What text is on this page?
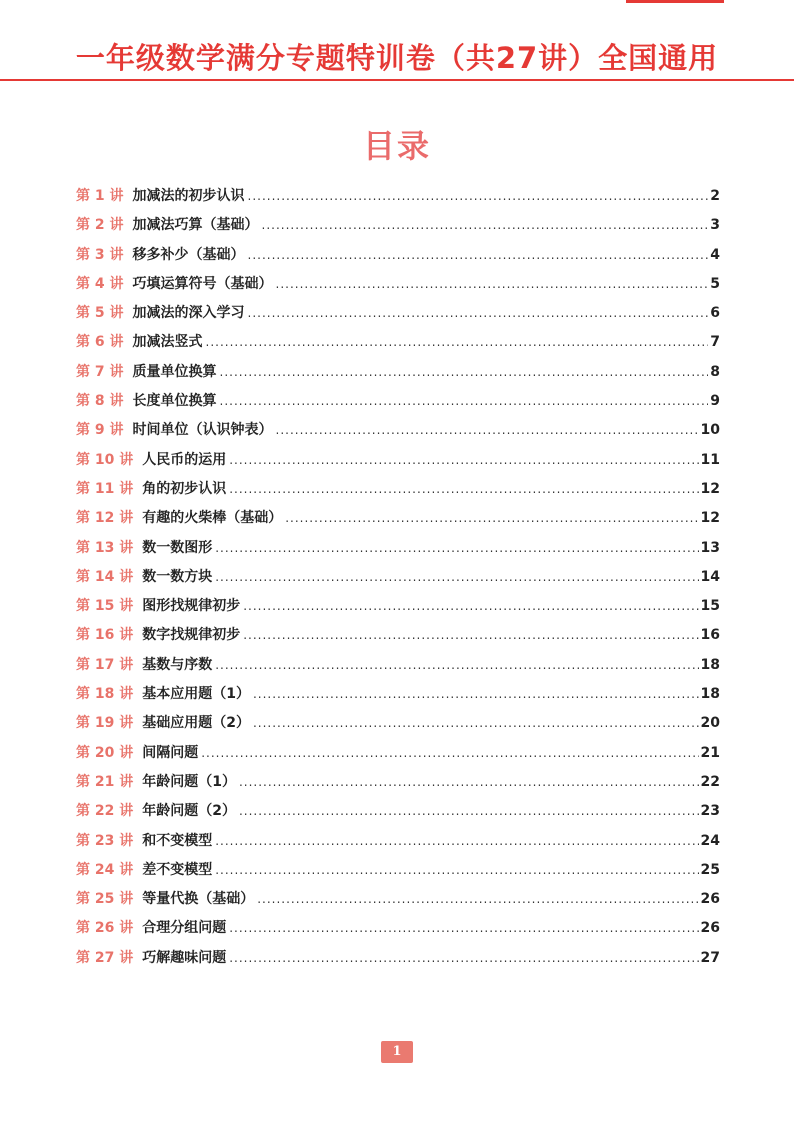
一年级数学满分专题特训卷（共27讲）全国通用
目录
第 1 讲 加减法的初步认识 .....	2
第 2 讲 加减法巧算（基础） .....	3
第 3 讲 移多补少（基础） .....	4
第 4 讲 巧填运算符号（基础） .....	5
第 5 讲 加减法的深入学习 .....	6
第 6 讲 加减法竖式 .....	7
第 7 讲 质量单位换算 .....	8
第 8 讲 长度单位换算 .....	9
第 9 讲 时间单位（认识钟表） .....	10
第 10 讲 人民币的运用 .....	11
第 11 讲 角的初步认识 .....	12
第 12 讲 有趣的火柴棒（基础） .....	12
第 13 讲 数一数图形 .....	13
第 14 讲 数一数方块 .....	14
第 15 讲 图形找规律初步 .....	15
第 16 讲 数字找规律初步 .....	16
第 17 讲 基数与序数 .....	18
第 18 讲 基本应用题（1） .....	18
第 19 讲 基础应用题（2） .....	20
第 20 讲 间隔问题 .....	21
第 21 讲 年龄问题（1） .....	22
第 22 讲 年龄问题（2） .....	23
第 23 讲 和不变模型 .....	24
第 24 讲 差不变模型 .....	25
第 25 讲 等量代换（基础） .....	26
第 26 讲 合理分组问题 .....	26
第 27 讲 巧解趣味问题 .....	27
1
